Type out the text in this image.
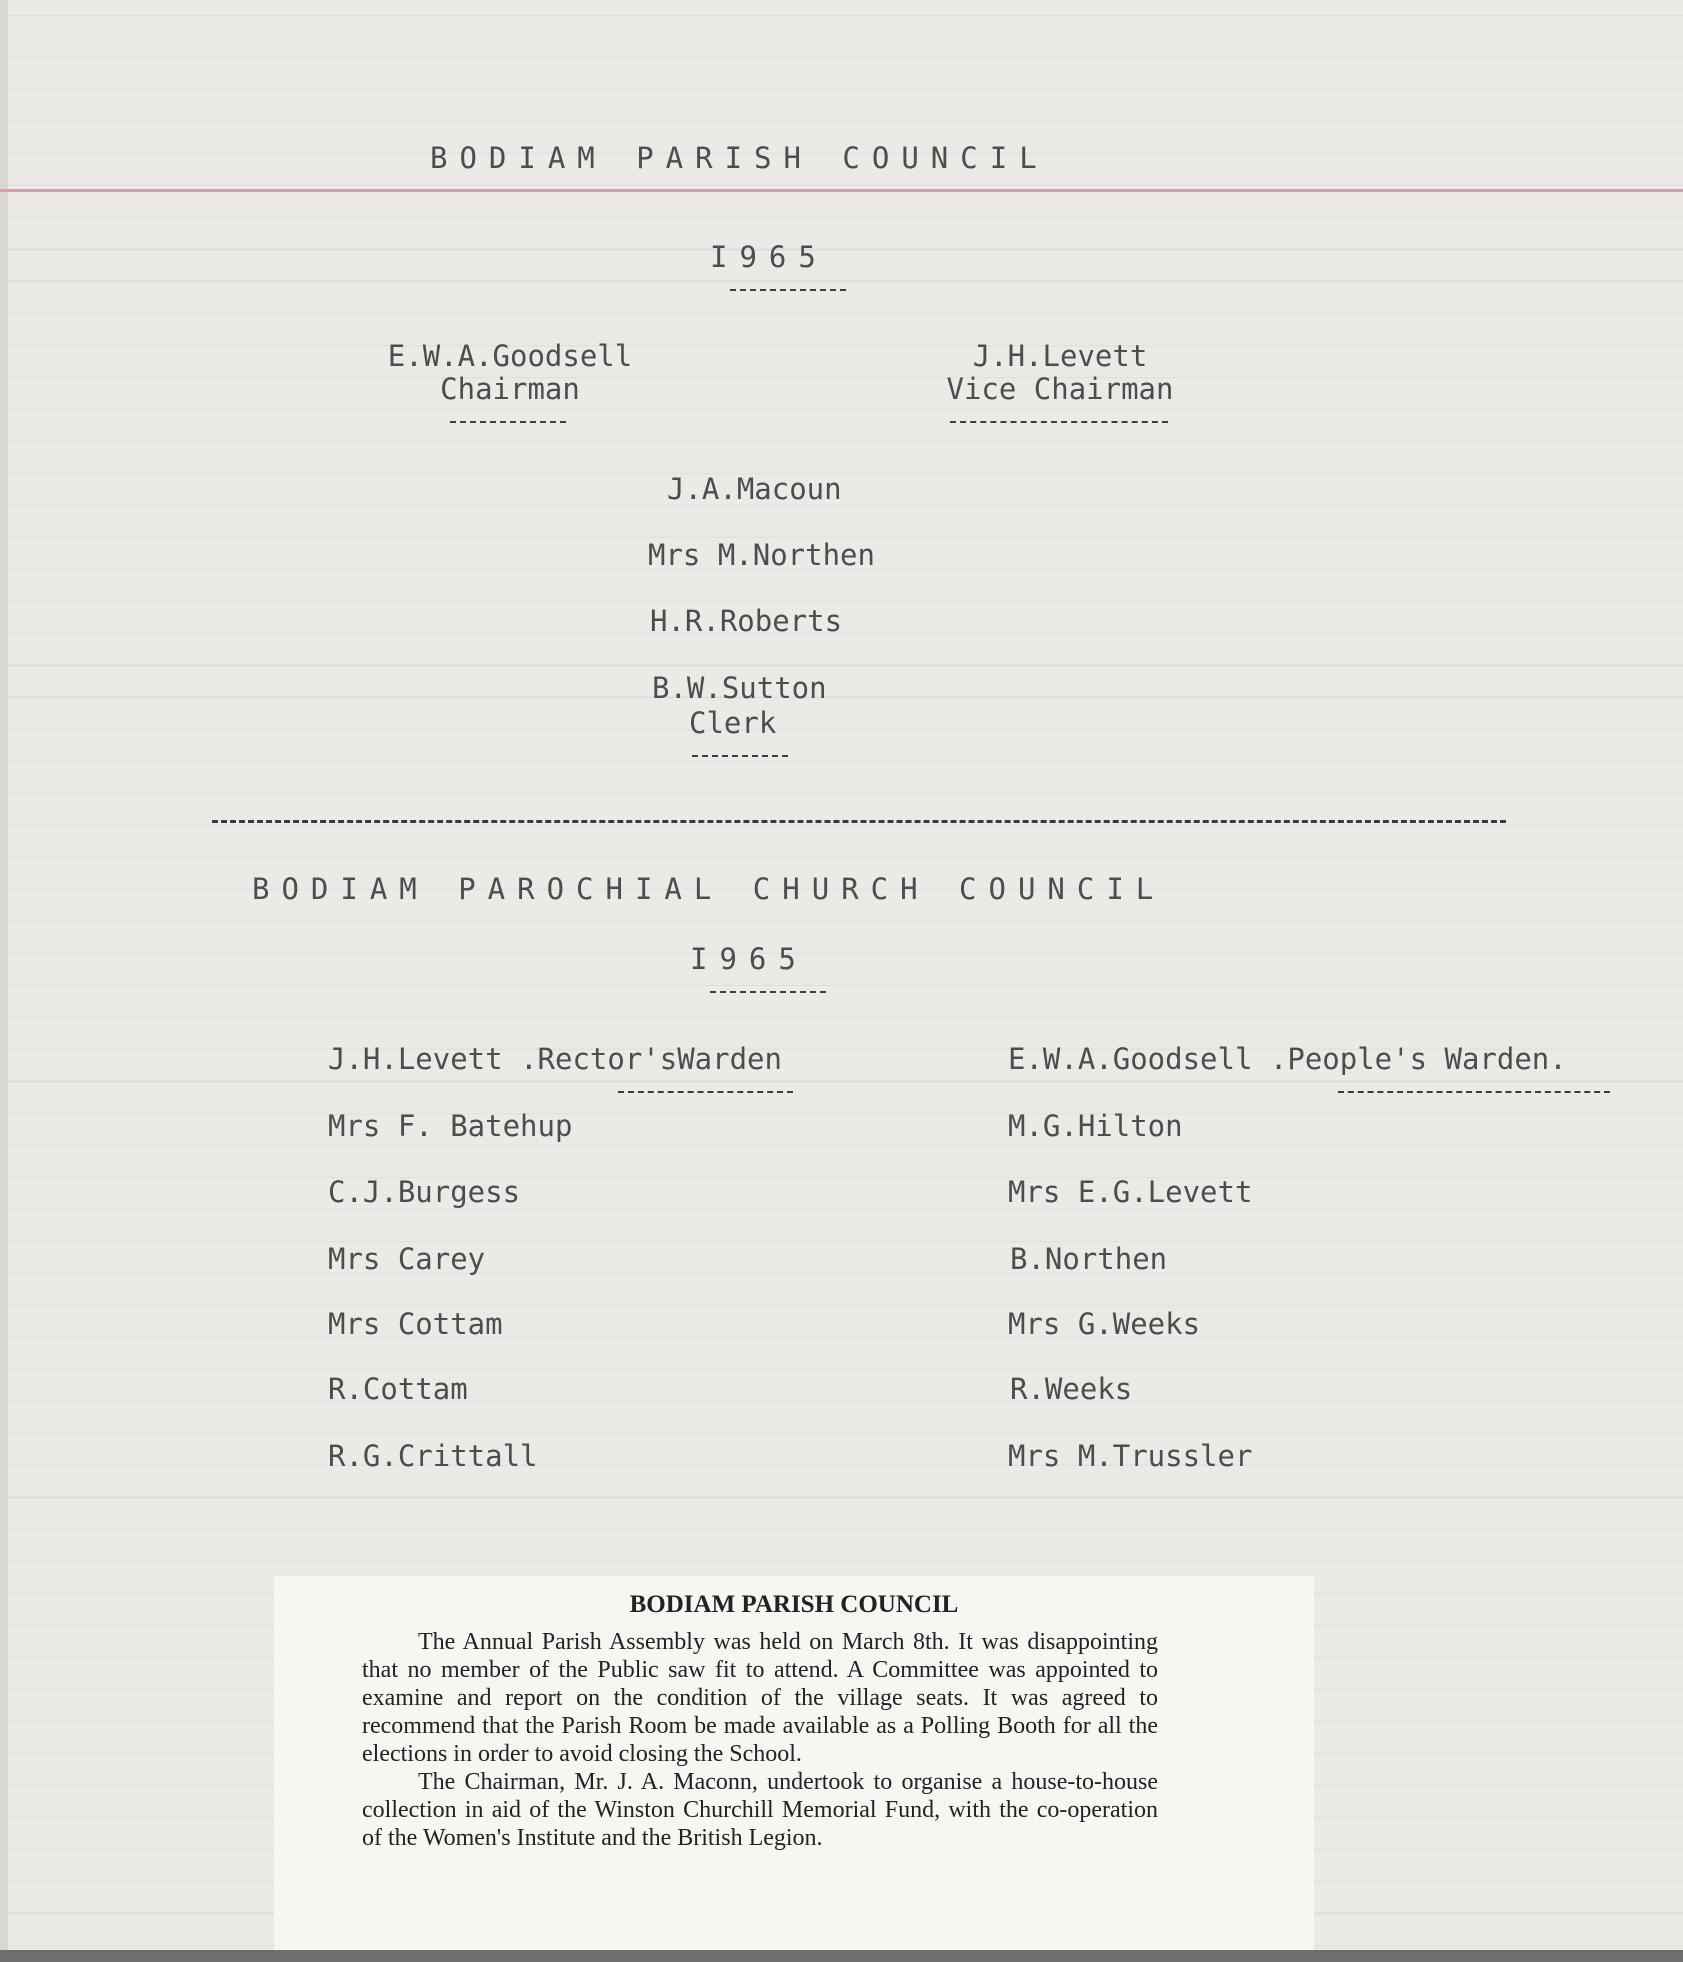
BODIAM PARISH COUNCIL
I965
E.W.A.Goodsell
Chairman
J.H.Levett
Vice Chairman
J.A.Macoun
Mrs M.Northen
H.R.Roberts
B.W.Sutton
Clerk
BODIAM PAROCHIAL CHURCH COUNCIL
I965
J.H.Levett .Rector'sWarden	E.W.A.Goodsell .People's Warden.
Mrs F. Batehup
C.J.Burgess
Mrs Carey
Mrs Cottam
R.Cottam
R.G.Crittall
M.G.Hilton
Mrs E.G.Levett
B.Northen
Mrs G.Weeks
R.Weeks
Mrs M.Trussler
BODIAM PARISH COUNCIL

The Annual Parish Assembly was held on March 8th. It was disappointing that no member of the Public saw fit to attend. A Committee was appointed to examine and report on the condition of the village seats. It was agreed to recommend that the Parish Room be made available as a Polling Booth for all the elections in order to avoid closing the School.

The Chairman, Mr. J. A. Maconn, undertook to organise a house-to-house collection in aid of the Winston Churchill Memorial Fund, with the co-operation of the Women's Institute and the British Legion.
